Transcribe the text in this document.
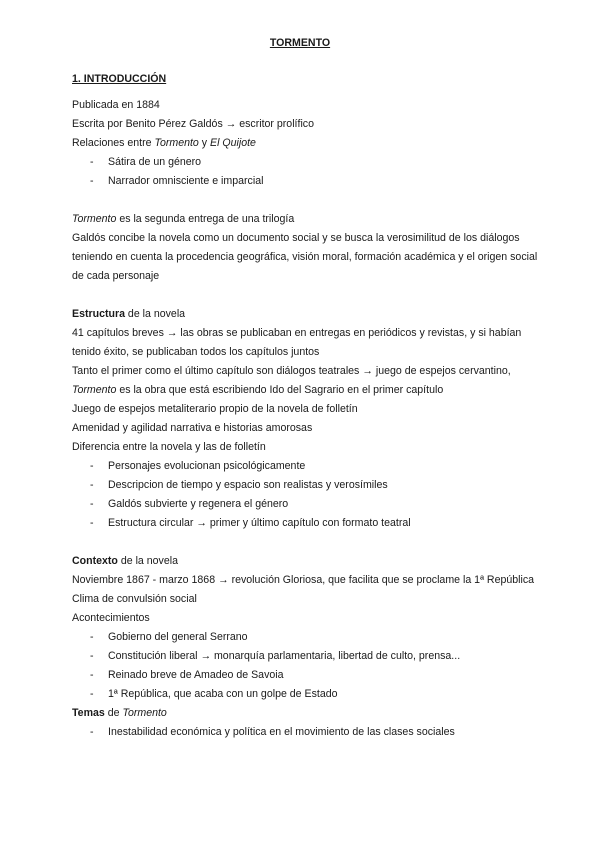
TORMENTO
1. INTRODUCCIÓN

Publicada en 1884

Escrita por Benito Pérez Galdós → escritor prolífico

Relaciones entre Tormento y El Quijote

- Sátira de un género
- Narrador omnisciente e imparcial

Tormento es la segunda entrega de una trilogía

Galdós concibe la novela como un documento social y se busca la verosimilitud de los diálogos teniendo en cuenta la procedencia geográfica, visión moral, formación académica y el origen social de cada personaje

Estructura de la novela

41 capítulos breves → las obras se publicaban en entregas en periódicos y revistas, y si habían tenido éxito, se publicaban todos los capítulos juntos

Tanto el primer como el último capítulo son diálogos teatrales → juego de espejos cervantino, Tormento es la obra que está escribiendo Ido del Sagrario en el primer capítulo

Juego de espejos metaliterario propio de la novela de folletín

Amenidad y agilidad narrativa e historias amorosas

Diferencia entre la novela y las de folletín

- Personajes evolucionan psicológicamente
- Descripcion de tiempo y espacio son realistas y verosímiles
- Galdós subvierte y regenera el género
- Estructura circular → primer y último capítulo con formato teatral

Contexto de la novela

Noviembre 1867 - marzo 1868 → revolución Gloriosa, que facilita que se proclame la 1ª República

Clima de convulsión social

Acontecimientos

- Gobierno del general Serrano
- Constitución liberal → monarquía parlamentaria, libertad de culto, prensa...
- Reinado breve de Amadeo de Savoia
- 1ª República, que acaba con un golpe de Estado

Temas de Tormento

- Inestabilidad económica y política en el movimiento de las clases sociales
